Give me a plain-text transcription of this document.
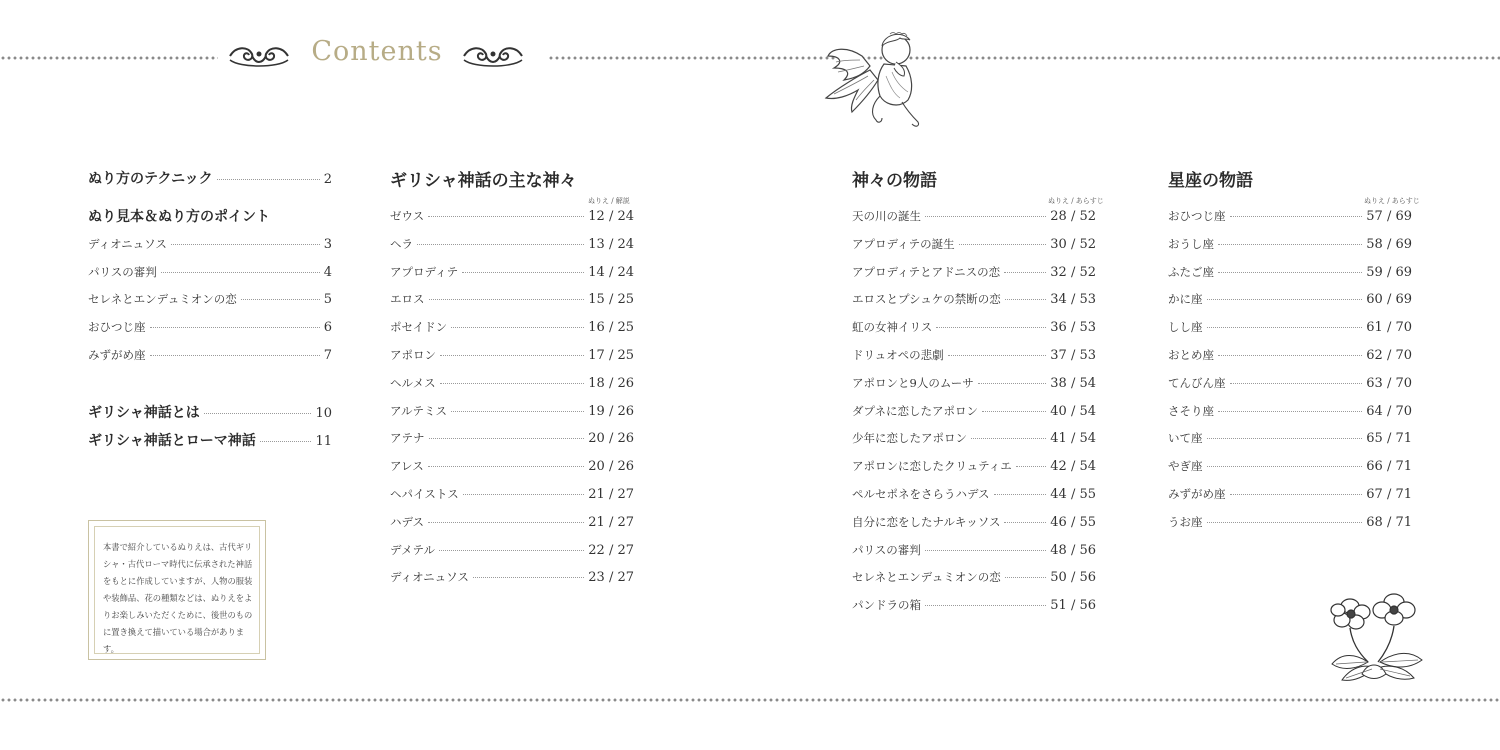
Contents
ぬり方のテクニック	2
ぬり見本＆ぬり方のポイント
ディオニュソス	3
パリスの審判	4
セレネとエンデュミオンの恋	5
おひつじ座	6
みずがめ座	7
ギリシャ神話とは	10
ギリシャ神話とローマ神話	11
本書で紹介しているぬりえは、古代ギリシャ・古代ローマ時代に伝承された神話をもとに作成していますが、人物の服装や装飾品、花の種類などは、ぬりえをよりお楽しみいただくために、後世のものに置き換えて描いている場合があります。
ギリシャ神話の主な神々
ぬりえ / 解説
ゼウス	12 / 24
ヘラ	13 / 24
アプロディテ	14 / 24
エロス	15 / 25
ポセイドン	16 / 25
アポロン	17 / 25
ヘルメス	18 / 26
アルテミス	19 / 26
アテナ	20 / 26
アレス	20 / 26
ヘパイストス	21 / 27
ハデス	21 / 27
デメテル	22 / 27
ディオニュソス	23 / 27
神々の物語
ぬりえ / あらすじ
天の川の誕生	28 / 52
アプロディテの誕生	30 / 52
アプロディテとアドニスの恋	32 / 52
エロスとプシュケの禁断の恋	34 / 53
虹の女神イリス	36 / 53
ドリュオペの悲劇	37 / 53
アポロンと9人のムーサ	38 / 54
ダプネに恋したアポロン	40 / 54
少年に恋したアポロン	41 / 54
アポロンに恋したクリュティエ	42 / 54
ペルセポネをさらうハデス	44 / 55
自分に恋をしたナルキッソス	46 / 55
パリスの審判	48 / 56
セレネとエンデュミオンの恋	50 / 56
パンドラの箱	51 / 56
星座の物語
ぬりえ / あらすじ
おひつじ座	57 / 69
おうし座	58 / 69
ふたご座	59 / 69
かに座	60 / 69
しし座	61 / 70
おとめ座	62 / 70
てんびん座	63 / 70
さそり座	64 / 70
いて座	65 / 71
やぎ座	66 / 71
みずがめ座	67 / 71
うお座	68 / 71
